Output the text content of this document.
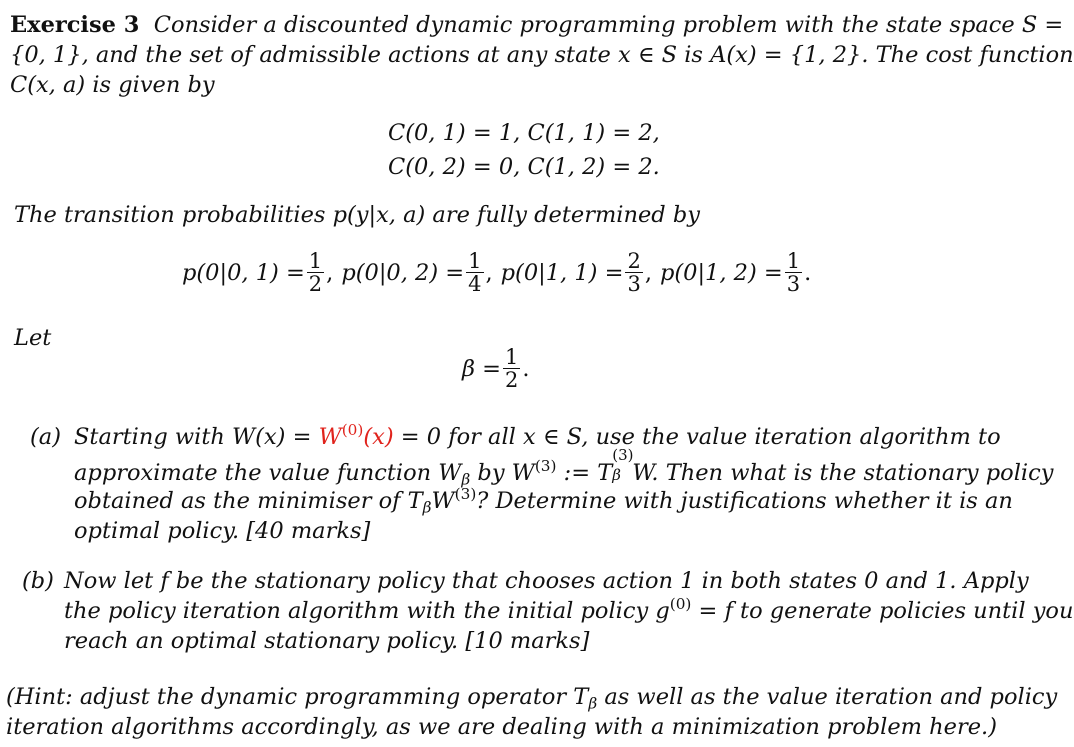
Exercise 3 Consider a discounted dynamic programming problem with the state space S =
{0, 1}, and the set of admissible actions at any state x ∈ S is A(x) = {1, 2}. The cost function
C(x, a) is given by
C(0, 1) = 1, C(1, 1) = 2,
C(0, 2) = 0, C(1, 2) = 2.
The transition probabilities p(y|x, a) are fully determined by
p(0|0, $1) = \frac{1}{2}$ , p(0|0, $2) = \frac{1}{4}$ , p(0|1, $1) = \frac{2}{3}$ , p(0|1, $2) = \frac{1}{3}$ .
Let
$\beta = \frac{1}{2}$ .
(a) Starting with $W(x) = W^{(0)}(x) = 0$ for all x ∈ S, use the value iteration algorithm to
approximate the value function $W_\beta$ by $W^{(3)}$ := T
(3)
β W. Then what is the stationary policy
obtained as the minimiser of $T_\beta W^{(3)}$? Determine with justifications whether it is an
optimal policy. [40 marks]
(b) Now let f be the stationary policy that chooses action 1 in both states 0 and 1. Apply
the policy iteration algorithm with the initial policy $g^{(0)} = f$ to generate policies until you
reach an optimal stationary policy. [10 marks]
(Hint: adjust the dynamic programming operator $T_\beta$ as well as the value iteration and policy
iteration algorithms accordingly, as we are dealing with a minimization problem here.)
